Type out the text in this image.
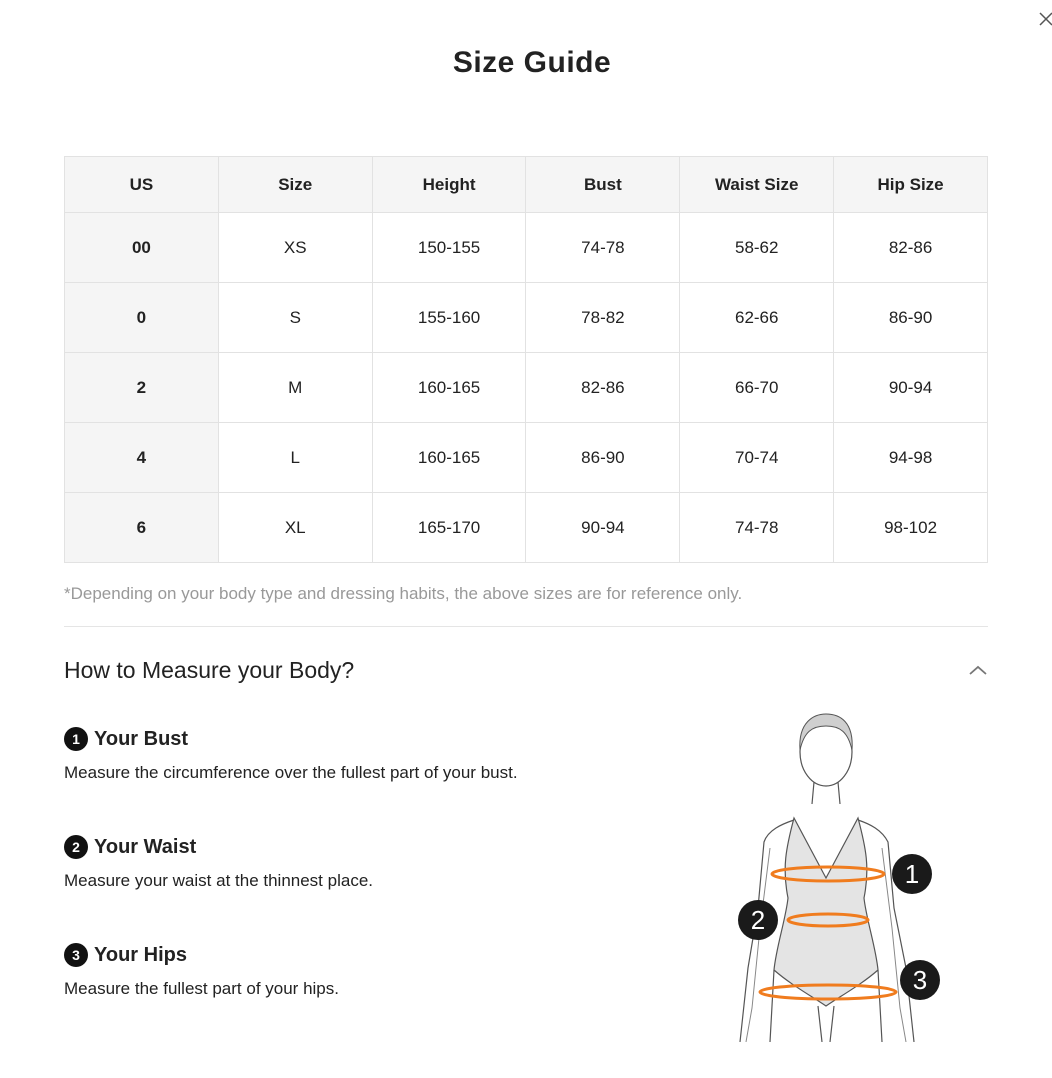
Size Guide
US	Size	Height	Bust	Waist Size	Hip Size
00	XS	150-155	74-78	58-62	82-86
0	S	155-160	78-82	62-66	86-90
2	M	160-165	82-86	66-70	90-94
4	L	160-165	86-90	70-74	94-98
6	XL	165-170	90-94	74-78	98-102

*Depending on your body type and dressing habits, the above sizes are for reference only.

How to Measure your Body?
1 Your Bust

Measure the circumference over the fullest part of your bust.

2 Your Waist

Measure your waist at the thinnest place.

3 Your Hips

Measure the fullest part of your hips.

1
2
3
